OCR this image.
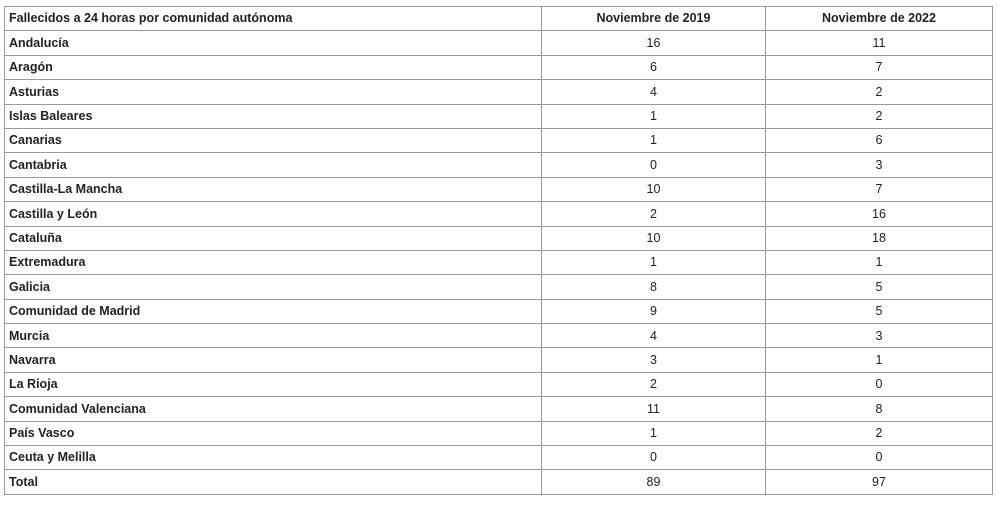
Fallecidos a 24 horas por comunidad autónoma	Noviembre de 2019	Noviembre de 2022
Andalucía	16	11
Aragón	6	7
Asturias	4	2
Islas Baleares	1	2
Canarias	1	6
Cantabria	0	3
Castilla-La Mancha	10	7
Castilla y León	2	16
Cataluña	10	18
Extremadura	1	1
Galicia	8	5
Comunidad de Madrid	9	5
Murcia	4	3
Navarra	3	1
La Rioja	2	0
Comunidad Valenciana	11	8
País Vasco	1	2
Ceuta y Melilla	0	0
Total	89	97
